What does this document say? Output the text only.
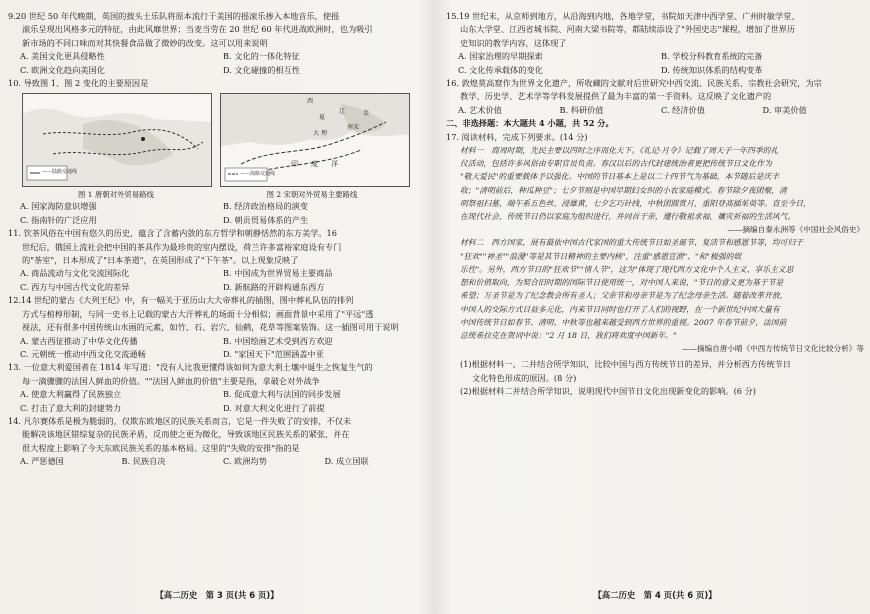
9.20 世纪 50 年代晚期，英国的披头士乐队将原本流行于美国的摇滚乐掺入本地音乐，使摇

滚乐呈现出风格多元的特征，由此风靡世界；当麦当劳在 20 世纪 60 年代进战欧洲时，也为吸引

新市场的不同口味而对其快餐食品做了微妙的改变。这可以用来说明

A. 美国文化更具侵略性	B. 文化的一体化特征
C. 欧洲文化趋向美国化	D. 文化碰撞的相互性

10. 导致图 1、图 2 变化的主要原因是

——陆路交通线
西
辽
夏
大 理
宋
南
金
印 度 洋
——海路交通线
图 1 唐朝对外贸易路线	图 2 宋朝对外贸易主要路线
A. 国家海防意识增强	B. 经济政治格局的演变
C. 指南针的广泛应用	D. 朝贡贸易体系的产生

11. 饮茶风俗在中国有悠久的历史，蕴含了含蓄内敛的东方哲学和朝静恬然的东方美学。16

世纪后，俄国上流社会把中国的茶具作为最珍贵的室内摆设，荷兰许多富裕家庭设有专门

的"茶室"，日本形成了"日本茶道"，在英国形成了"下午茶"。以上现象反映了

A. 商品流动与文化交流国际化	B. 中国成为世界贸易主要商品
C. 西方与中国古代文化的差异	D. 新航路的开辟构通东西方

12.14 世纪的蒙古《大列王纪》中，有一幅关于亚历山大大帝葬礼的插图，图中葬礼队伍的排列

方式与棺椁形制，与同一史书上记载的蒙古大汗葬礼的场面十分相似；画面背景中采用了"平远"透

视法，还有很多中国传统山水画的元素，如竹、石、岩穴、仙鹤，花草等图案装饰。这一插图可用于说明

A. 蒙古西征推动了中华文化传播	B. 中国绘画艺术受到西方欢迎
C. 元朝统一推动中西文化交流通畅	D. "家国天下"范围涵盖中亚

13. 一位意大利爱国者在 1814 年写道："没有人比我更懂得该如何为意大利土壤中诞生之恢复生气的

每一滴骤骤的法国人鲜血的价值。""法国人鲜血的价值"主要是指，拿破仑对外战争

A. 使意大利赢得了民族独立	B. 促成意大利与法国的同步发展
C. 打击了意大利的封建势力	D. 对意大利文化进行了前提

14. 凡尔赛体系是极为脆弱的，仅欺东欧地区的民族关系而言，它是一件失败了的安排，不仅未

能解决该地区错综复杂的民族矛盾，反而使之更为微化，导致该地区民族关系的紧张，并在

很大程度上影响了今天东欧民族关系的基本格局。这里的"失败的安排"指的是

A. 严惩德国	B. 民族自决	C. 欧洲均势	D. 成立国联
【高二历史　第 3 页(共 6 页)】

15.19 世纪末，从京师到地方，从沿海到内地，各地学堂，书院如天津中西学堂、广州时敏学堂、

山东大学堂、江西省城书院、河南大梁书院等，都陆续添设了"外国史志"课程，增加了世界历

史知识的教学内容，这体现了

A. 国家治理的早期探索	B. 学校分科教育系统的完备
C. 文化传承载体的变化	D. 传统知识体系的结构变革

16. 敦煌莫高窟作为世界文化遗产，所收藏的文献对后世研究中西交流、民族关系、宗教社会研究，为宗

教学、历史学、艺术学等学科发展提供了最为丰富的第一手资料。这反映了文化遗产的

A. 艺术价值	B. 科研价值	C. 经济价值	D. 审美价值

二、非选择题：本大题共 4 小题，共 52 分。

17. 阅读材料，完成下列要求。(14 分)

材料一　商周时期，先民主要以四时之序而化天下。《礼记·月令》记载了周天子一年四季的礼

仪活动，包括许多风俗由专职官员负责。春汉以后的古代封建统治者更把传统节日文化作为

"敬天爱民"的重要载体予以强化。中国的节日基本上是以二十四节气为基础，本节随后是庆丰

收；"清明前后，种瓜种豆"；七夕节则是中国早期妇女织的小农家庭模式。春节除夕夜团聚，清

明祭祖扫墓，端午系五色丝、浸雄黄，七夕乞巧针线，中秋团圆赏月，重阳登高插茱萸等。直至今日，

在现代社会，传统节日仍以家庭为组织进行，并同首于亲，遵行敬祖求福，禳灾祈福的生活风气。

——摘编自秦永洲等《中国社会风俗史》

材料二　西方国家，展有最依中国古代家国的重大传统节日如圣诞节、复活节和感恩节等，均可归于

"狂欢""神圣""浪漫"等是其节日精神的主要内核"，注重"感恩宣泄"、"和"极强的娱

乐性"。另外，西方节日的"狂欢节""情人节"，这为"体现了现代西方文化中个人主义、享乐主义思

想和价值取向，为契合旧时期的国际节日使用统一，对中国人来说，"节日的意义更为基于节是

希望；万圣节是为了纪念教会所有圣人；父亲节和母亲节是为了纪念母亲生活。随着改革开放，

中国人的交际方式日益多元化，内来节日同时也打开了人们的视野，在一个新世纪中国大量有

中国传统节日如春节、清明、中秋等也越来越受到西方世界的重视。2007 年春节前夕，法国前

总统希拉克在贺词中说："2 月 18 日，我们将欢度中国新年。"

——摘编自唐小晴《中西方传统节日文化比较分析》等

(1)根据材料一、二并结合所学知识，比较中国与西方传统节日的差异，并分析西方传统节日

文化特色形成的原因。(8 分)

(2)根据材料二并结合所学知识，说明现代中国节日文化出现新变化的影响。(6 分)

【高二历史　第 4 页(共 6 页)】
